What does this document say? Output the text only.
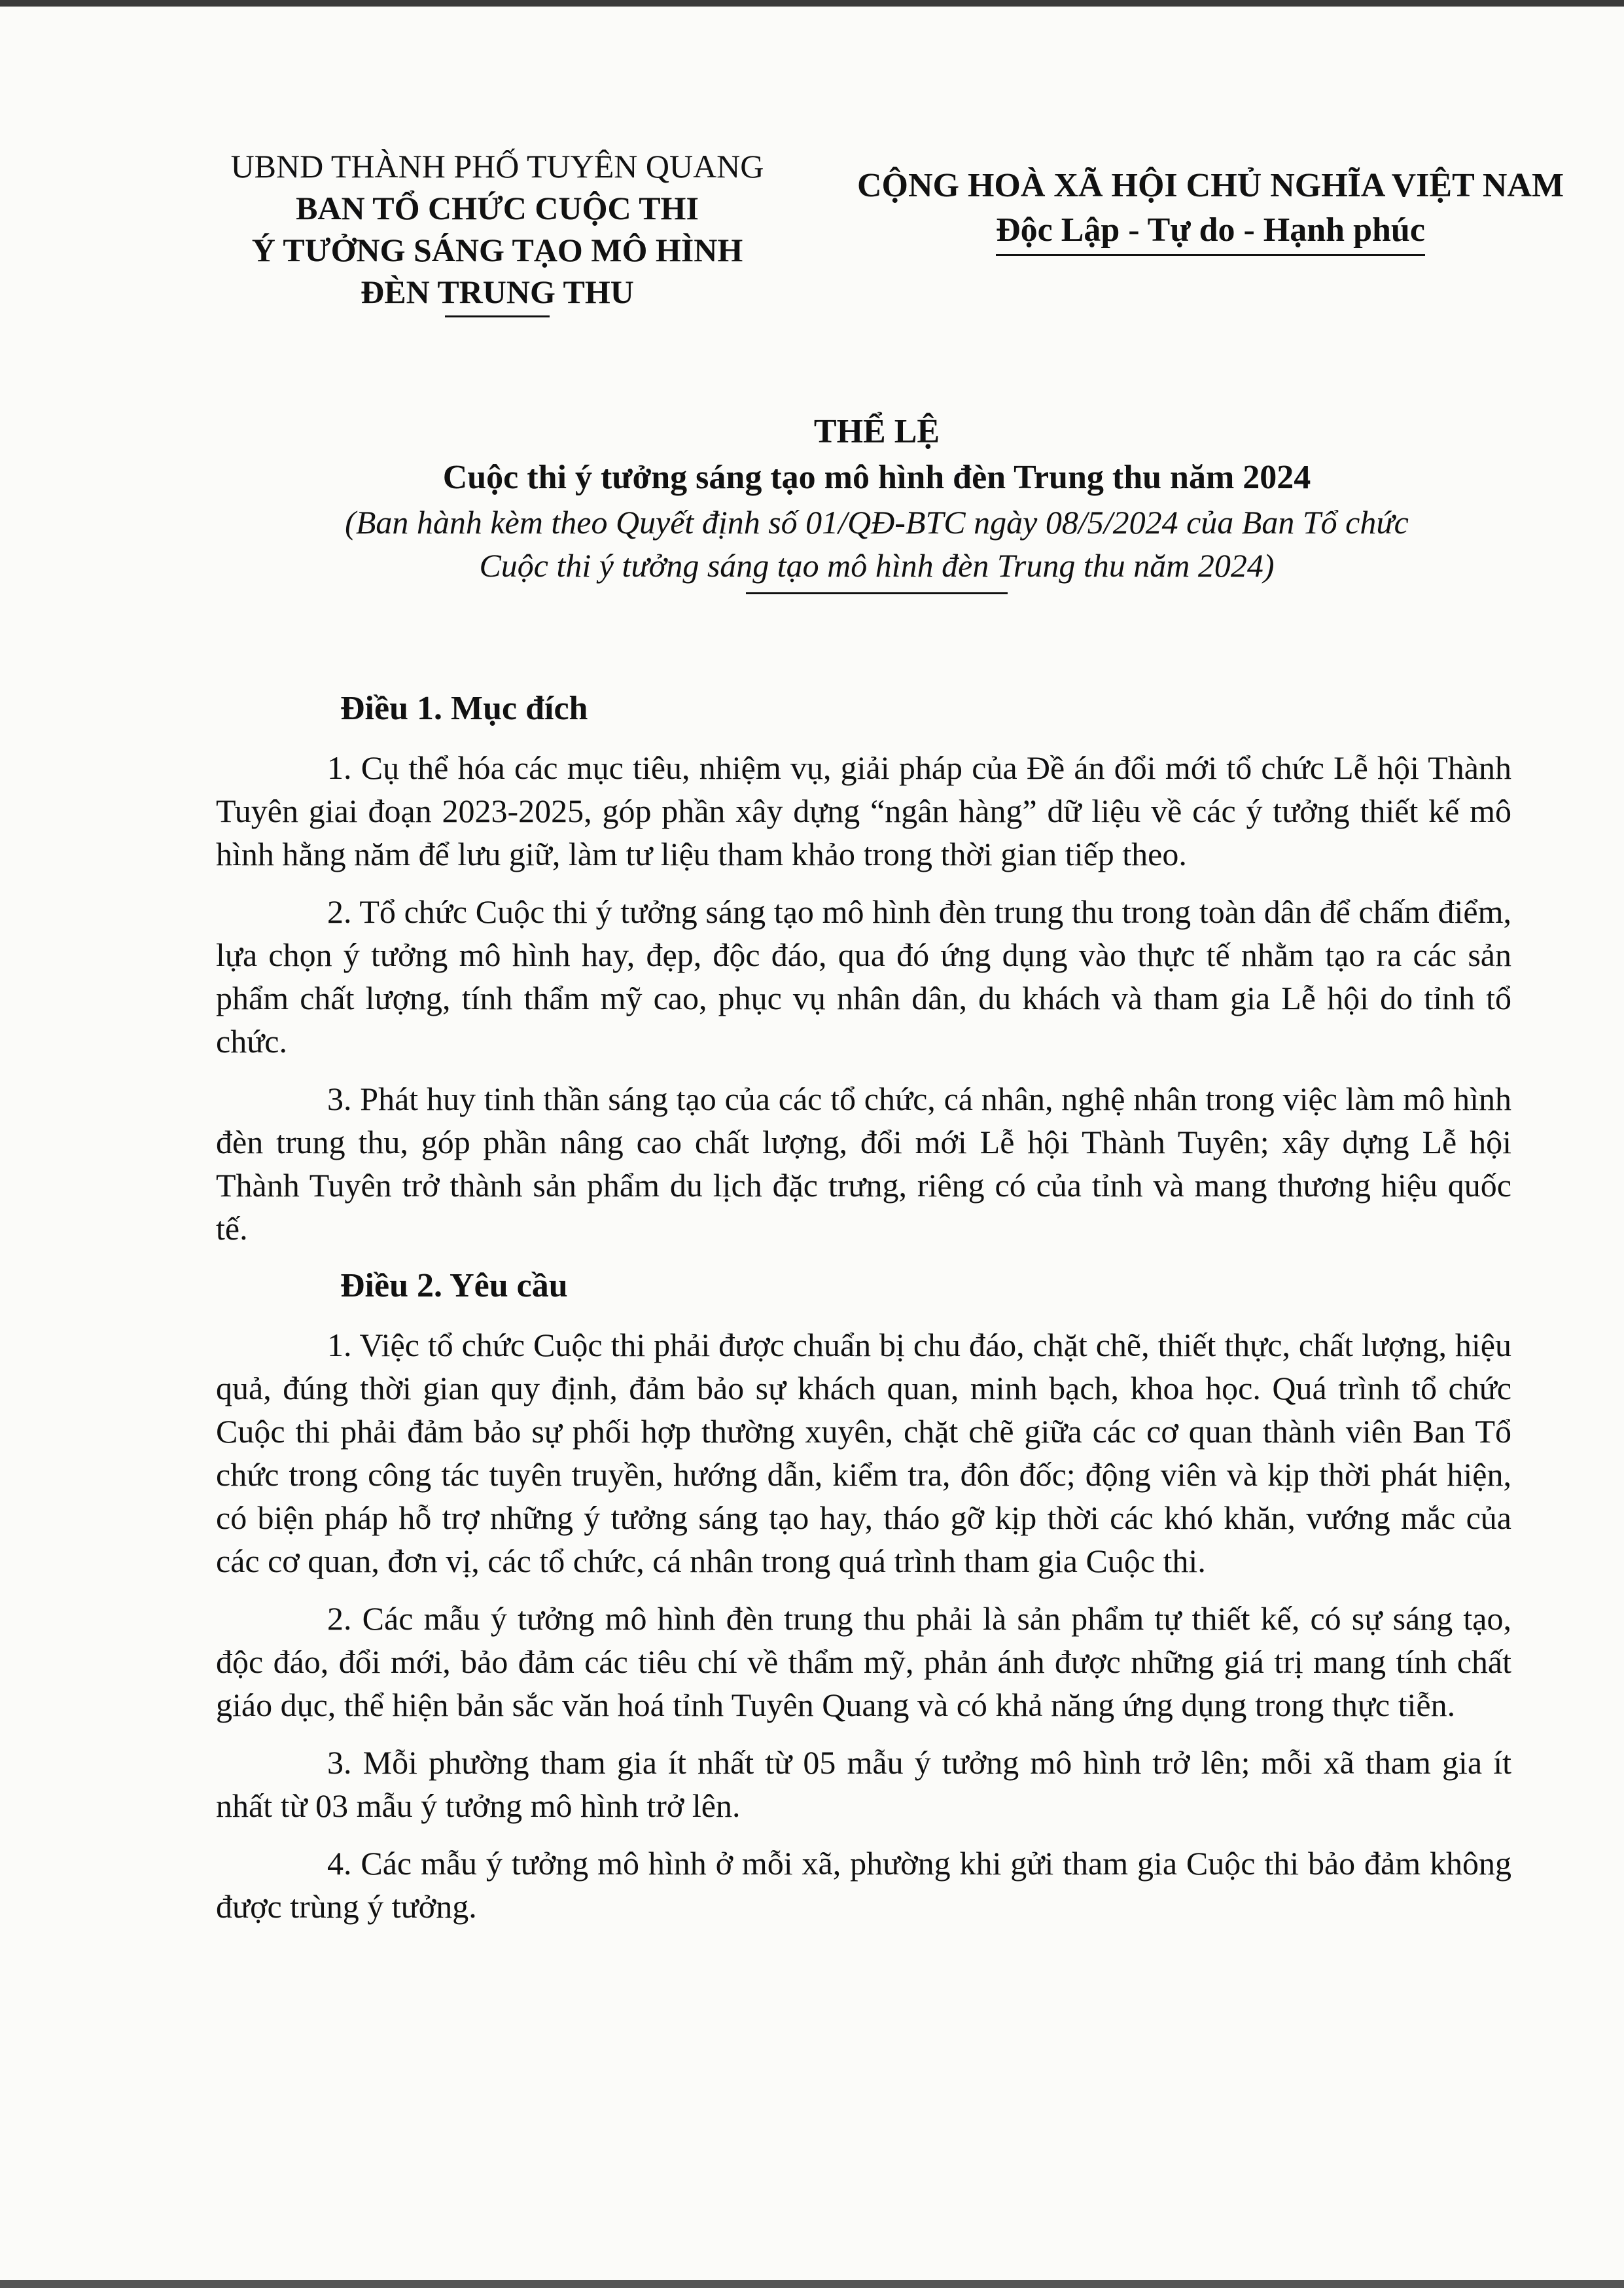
UBND THÀNH PHỐ TUYÊN QUANG
BAN TỔ CHỨC CUỘC THI
Ý TƯỞNG SÁNG TẠO MÔ HÌNH
ĐÈN TRUNG THU
CỘNG HOÀ XÃ HỘI CHỦ NGHĨA VIỆT NAM
Độc Lập - Tự do - Hạnh phúc
THỂ LỆ
Cuộc thi ý tưởng sáng tạo mô hình đèn Trung thu năm 2024
(Ban hành kèm theo Quyết định số 01/QĐ-BTC ngày 08/5/2024 của Ban Tổ chức
Cuộc thi ý tưởng sáng tạo mô hình đèn Trung thu năm 2024)
Điều 1. Mục đích

1. Cụ thể hóa các mục tiêu, nhiệm vụ, giải pháp của Đề án đổi mới tổ chức Lễ hội Thành Tuyên giai đoạn 2023-2025, góp phần xây dựng “ngân hàng” dữ liệu về các ý tưởng thiết kế mô hình hằng năm để lưu giữ, làm tư liệu tham khảo trong thời gian tiếp theo.

2. Tổ chức Cuộc thi ý tưởng sáng tạo mô hình đèn trung thu trong toàn dân để chấm điểm, lựa chọn ý tưởng mô hình hay, đẹp, độc đáo, qua đó ứng dụng vào thực tế nhằm tạo ra các sản phẩm chất lượng, tính thẩm mỹ cao, phục vụ nhân dân, du khách và tham gia Lễ hội do tỉnh tổ chức.

3. Phát huy tinh thần sáng tạo của các tổ chức, cá nhân, nghệ nhân trong việc làm mô hình đèn trung thu, góp phần nâng cao chất lượng, đổi mới Lễ hội Thành Tuyên; xây dựng Lễ hội Thành Tuyên trở thành sản phẩm du lịch đặc trưng, riêng có của tỉnh và mang thương hiệu quốc tế.

Điều 2. Yêu cầu

1. Việc tổ chức Cuộc thi phải được chuẩn bị chu đáo, chặt chẽ, thiết thực, chất lượng, hiệu quả, đúng thời gian quy định, đảm bảo sự khách quan, minh bạch, khoa học. Quá trình tổ chức Cuộc thi phải đảm bảo sự phối hợp thường xuyên, chặt chẽ giữa các cơ quan thành viên Ban Tổ chức trong công tác tuyên truyền, hướng dẫn, kiểm tra, đôn đốc; động viên và kịp thời phát hiện, có biện pháp hỗ trợ những ý tưởng sáng tạo hay, tháo gỡ kịp thời các khó khăn, vướng mắc của các cơ quan, đơn vị, các tổ chức, cá nhân trong quá trình tham gia Cuộc thi.

2. Các mẫu ý tưởng mô hình đèn trung thu phải là sản phẩm tự thiết kế, có sự sáng tạo, độc đáo, đổi mới, bảo đảm các tiêu chí về thẩm mỹ, phản ánh được những giá trị mang tính chất giáo dục, thể hiện bản sắc văn hoá tỉnh Tuyên Quang và có khả năng ứng dụng trong thực tiễn.

3. Mỗi phường tham gia ít nhất từ 05 mẫu ý tưởng mô hình trở lên; mỗi xã tham gia ít nhất từ 03 mẫu ý tưởng mô hình trở lên.

4. Các mẫu ý tưởng mô hình ở mỗi xã, phường khi gửi tham gia Cuộc thi bảo đảm không được trùng ý tưởng.
